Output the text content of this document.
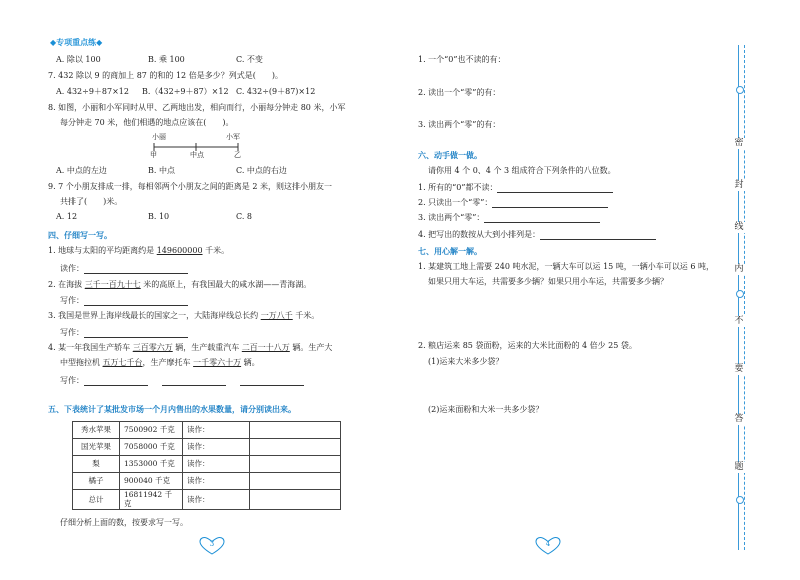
◆专项重点练◆
A. 除以 100	B. 乘 100	C. 不变
7. 432 除以 9 的商加上 87 的和的 12 倍是多少？列式是(　　)。
A. 432÷9＋87×12 B.（432÷9＋87）×12 C. 432÷(9＋87)×12
8. 如图，小丽和小军同时从甲、乙两地出发，相向而行，小丽每分钟走 80 米，小军
每分钟走 70 米，他们相遇的地点应该在(　　)。
小丽	小军
甲	中点	乙
A. 中点的左边	B. 中点	C. 中点的右边
9. 7 个小朋友排成一排，每相邻两个小朋友之间的距离是 2 米，则这排小朋友一
共排了(　　)米。
A. 12	B. 10	C. 8
四、仔细写一写。
1. 地球与太阳的平均距离约是 149600000 千米。
读作：
2. 在海拔 三千一百九十七 米的高原上，有我国最大的咸水湖——青海湖。
写作：
3. 我国是世界上海岸线最长的国家之一，大陆海岸线总长约 一万八千 千米。
写作：
4. 某一年我国生产轿车 三百零六万 辆，生产载重汽车 二百一十八万 辆。生产大
中型拖拉机 五万七千台，生产摩托车 一千零六十万 辆。
写作：
五、下表统计了某批发市场一个月内售出的水果数量，请分别读出来。
秀水苹果	7500902 千克	读作：	
国光苹果	7058000 千克	读作：	
梨	1353000 千克	读作：	
橘子	900040 千克	读作：	
总计	16811942 千克	读作：	
仔细分析上面的数，按要求写一写。
3
1. 一个“0”也不读的有：
2. 读出一个“零”的有：
3. 读出两个“零”的有：
六、动手做一做。
请你用 4 个 0、4 个 3 组成符合下列条件的八位数。
1. 所有的“0”都不读：
2. 只读出一个“零”：
3. 读出两个“零”：
4. 把写出的数按从大到小排列是：
七、用心解一解。
1. 某建筑工地上需要 240 吨水泥，一辆大车可以运 15 吨，一辆小车可以运 6 吨，
如果只用大车运，共需要多少辆？如果只用小车运，共需要多少辆？
2. 粮店运来 85 袋面粉，运来的大米比面粉的 4 倍少 25 袋。
(1)运来大米多少袋？
(2)运来面粉和大米一共多少袋？
4
密
封
线
内
不
要
答
题
